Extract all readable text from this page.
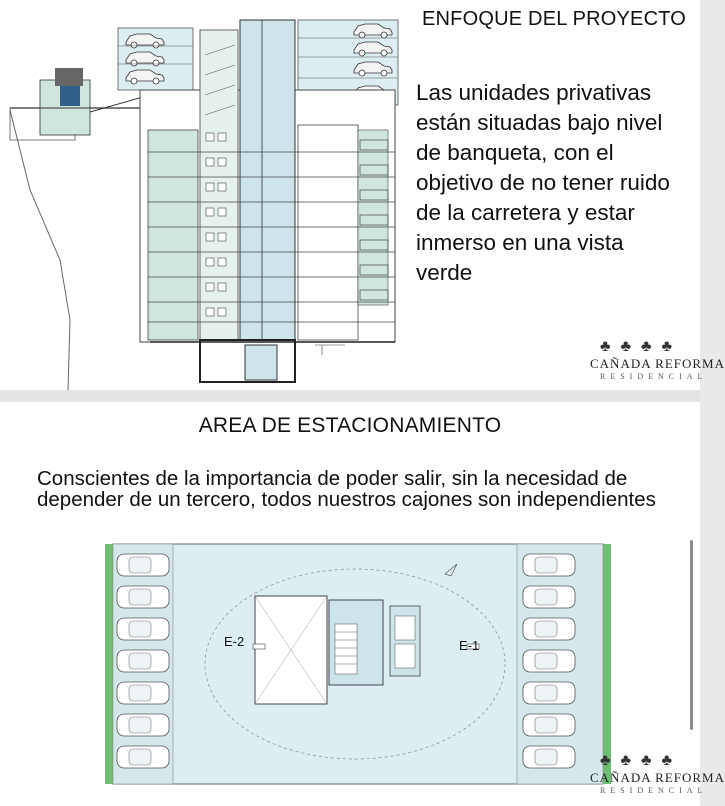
ENFOQUE DEL PROYECTO
Las unidades privativas
están situadas bajo nivel
de banqueta, con el
objetivo de no tener ruido
de la carretera y estar
inmerso en una vista
verde
♣♣♣♣
CAÑADA REFORMA
RESIDENCIAL
AREA DE ESTACIONAMIENTO
Conscientes de la importancia de poder salir, sin la necesidad de depender de un tercero, todos nuestros cajones son independientes
E-2	E-1
♣♣♣♣
CAÑADA REFORMA
RESIDENCIAL
